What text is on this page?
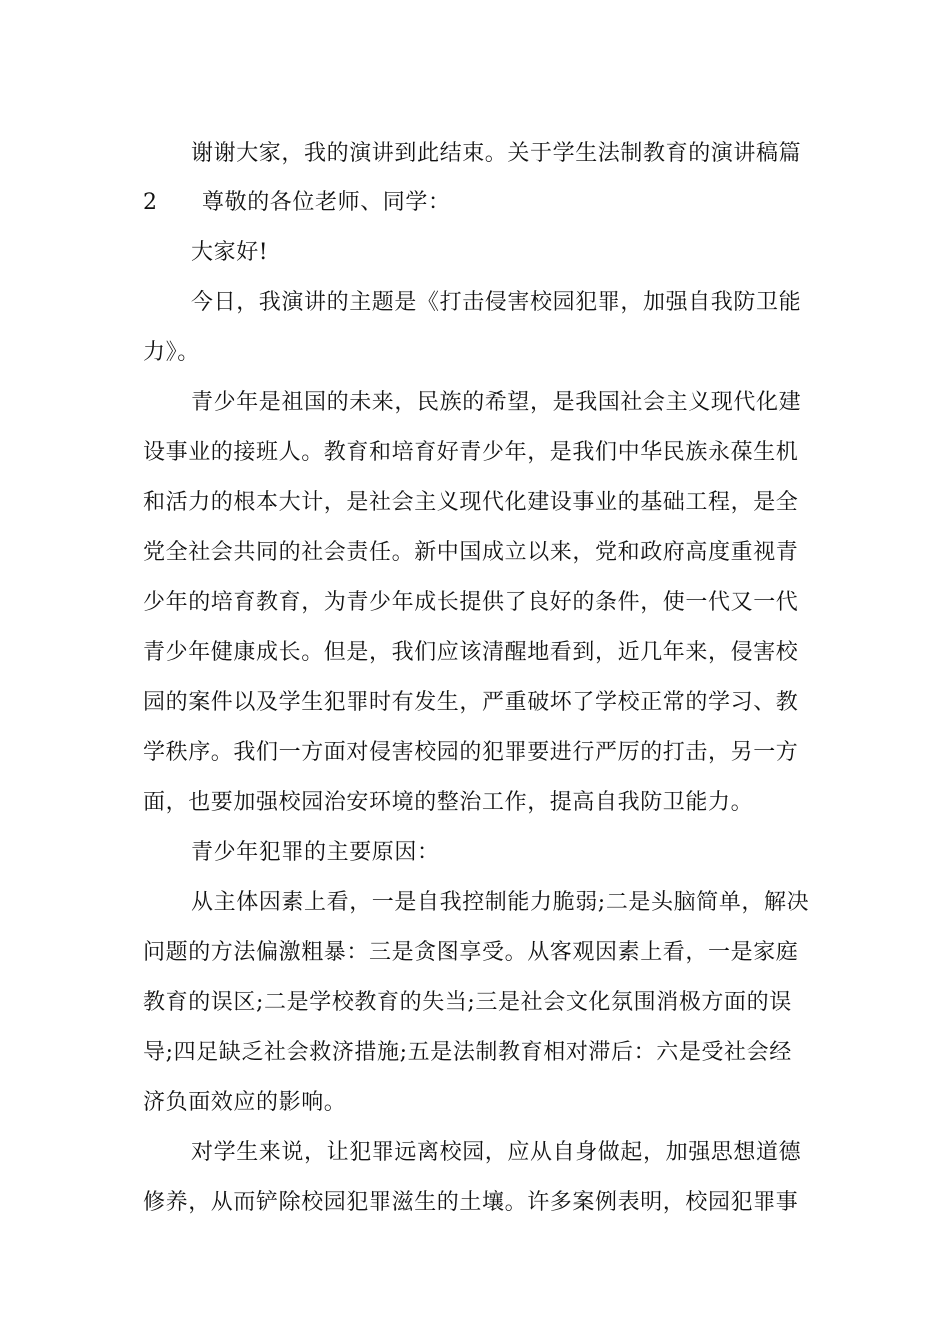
谢谢大家，我的演讲到此结束。关于学生法制教育的演讲稿篇
2 尊敬的各位老师、同学：
大家好!
今日，我演讲的主题是《打击侵害校园犯罪，加强自我防卫能
力》。
青少年是祖国的未来，民族的希望，是我国社会主义现代化建
设事业的接班人。教育和培育好青少年，是我们中华民族永葆生机
和活力的根本大计，是社会主义现代化建设事业的基础工程，是全
党全社会共同的社会责任。新中国成立以来，党和政府高度重视青
少年的培育教育，为青少年成长提供了良好的条件，使一代又一代
青少年健康成长。但是，我们应该清醒地看到，近几年来，侵害校
园的案件以及学生犯罪时有发生，严重破坏了学校正常的学习、教
学秩序。我们一方面对侵害校园的犯罪要进行严厉的打击，另一方
面，也要加强校园治安环境的整治工作，提高自我防卫能力。
青少年犯罪的主要原因：
从主体因素上看，一是自我控制能力脆弱;二是头脑简单，解决
问题的方法偏激粗暴：三是贪图享受。从客观因素上看，一是家庭
教育的误区;二是学校教育的失当;三是社会文化氛围消极方面的误
导;四足缺乏社会救济措施;五是法制教育相对滞后：六是受社会经
济负面效应的影响。
对学生来说，让犯罪远离校园，应从自身做起，加强思想道德
修养，从而铲除校园犯罪滋生的土壤。许多案例表明，校园犯罪事
